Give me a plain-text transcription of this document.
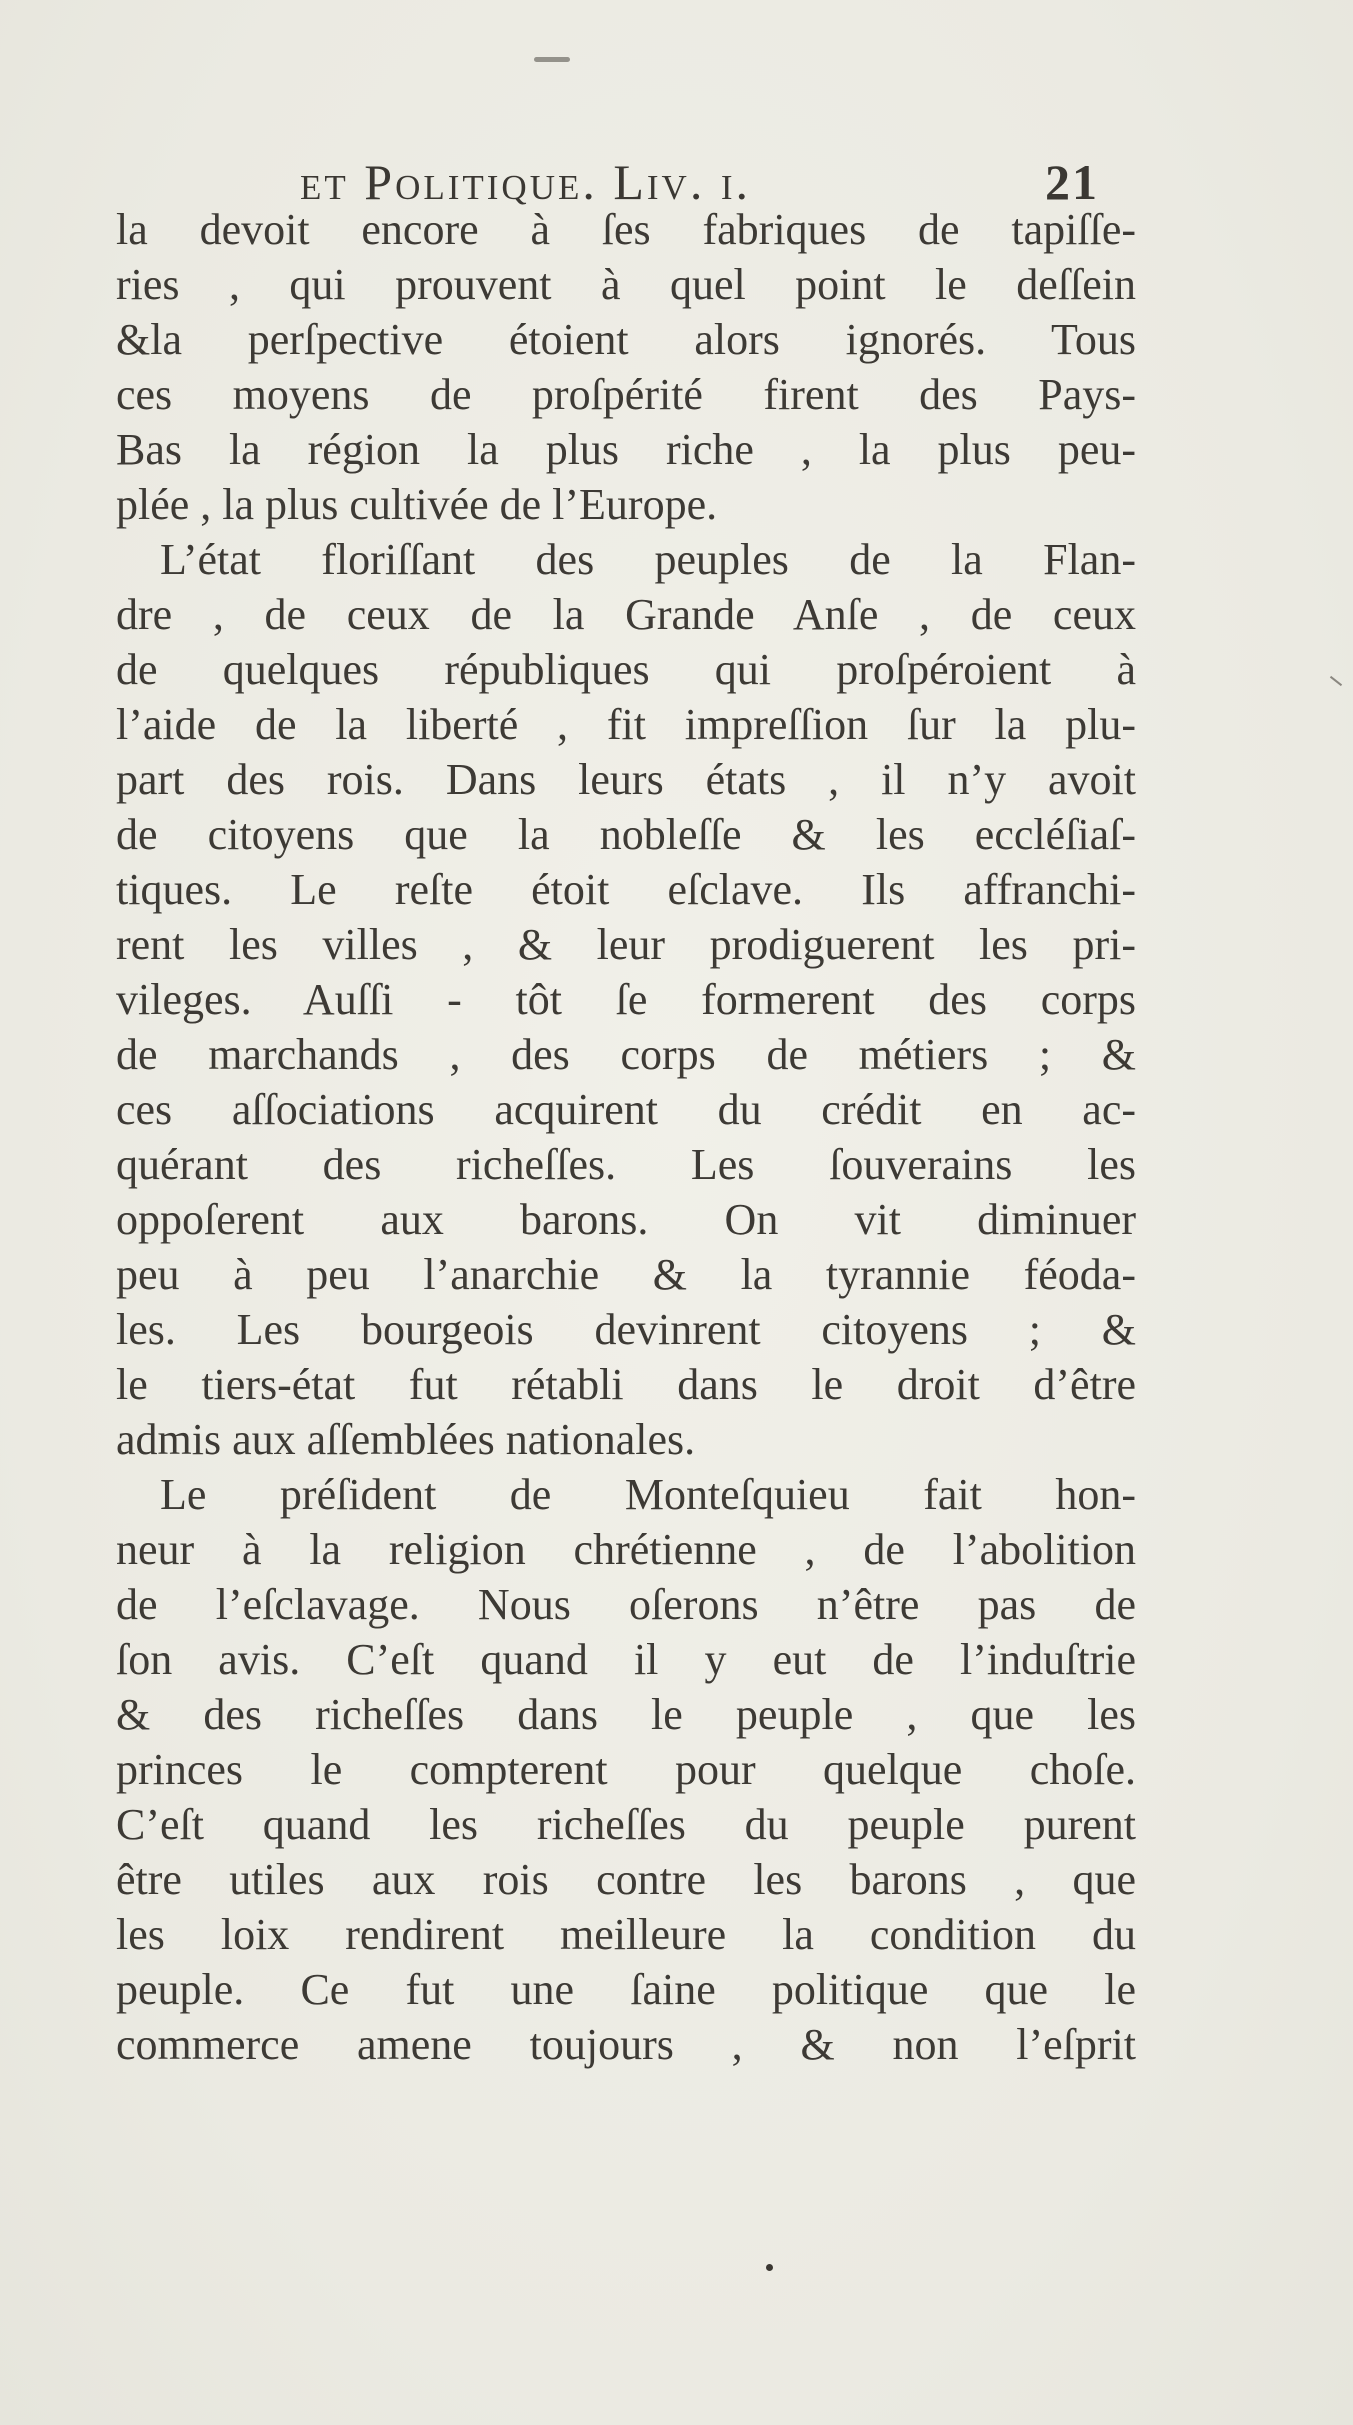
et Politique. Liv. i.	21
la devoit encore à ſes fabriques de tapiſſe-
ries , qui prouvent à quel point le deſſein
&la perſpective étoient alors ignorés. Tous
ces moyens de proſpérité firent des Pays-
Bas la région la plus riche , la plus peu-
plée , la plus cultivée de l’Europe.
L’état floriſſant des peuples de la Flan-
dre , de ceux de la Grande Anſe , de ceux
de quelques républiques qui proſpéroient à
l’aide de la liberté , fit impreſſion ſur la plu-
part des rois. Dans leurs états , il n’y avoit
de citoyens que la nobleſſe & les eccléſiaſ-
tiques. Le reſte étoit eſclave. Ils affranchi-
rent les villes , & leur prodiguerent les pri-
vileges. Auſſi - tôt ſe formerent des corps
de marchands , des corps de métiers ; &
ces aſſociations acquirent du crédit en ac-
quérant des richeſſes. Les ſouverains les
oppoſerent aux barons. On vit diminuer
peu à peu l’anarchie & la tyrannie féoda-
les. Les bourgeois devinrent citoyens ; &
le tiers-état fut rétabli dans le droit d’être
admis aux aſſemblées nationales.
Le préſident de Monteſquieu fait hon-
neur à la religion chrétienne , de l’abolition
de l’eſclavage. Nous oſerons n’être pas de
ſon avis. C’eſt quand il y eut de l’induſtrie
& des richeſſes dans le peuple , que les
princes le compterent pour quelque choſe.
C’eſt quand les richeſſes du peuple purent
être utiles aux rois contre les barons , que
les loix rendirent meilleure la condition du
peuple. Ce fut une ſaine politique que le
commerce amene toujours , & non l’eſprit
